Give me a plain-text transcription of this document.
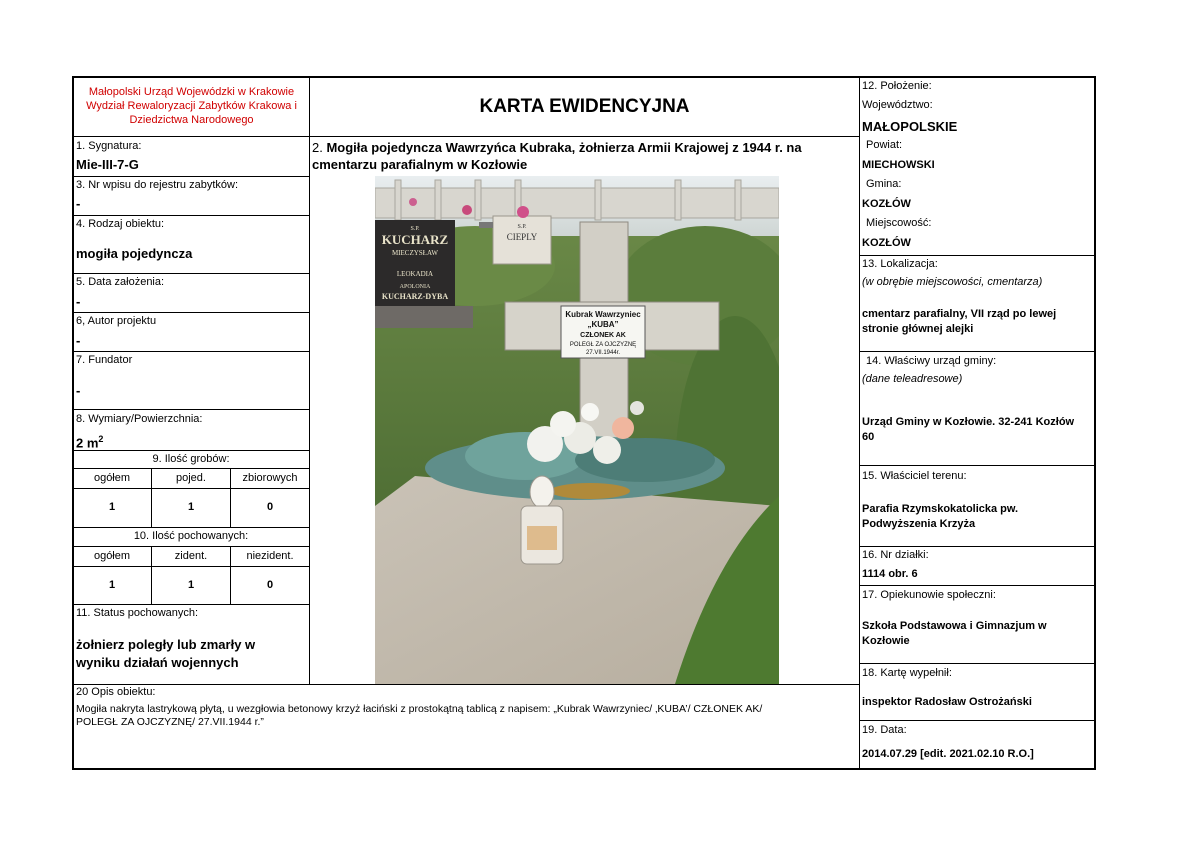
Małopolski Urząd Wojewódzki w Krakowie
Wydział Rewaloryzacji Zabytków Krakowa i
Dziedzictwa Narodowego
KARTA EWIDENCYJNA
1. Sygnatura:
Mie-III-7-G
2. Mogiła pojedyncza Wawrzyńca Kubraka, żołnierza Armii Krajowej z 1944 r. na
cmentarzu parafialnym w Kozłowie
3. Nr wpisu do rejestru zabytków:
-
4. Rodzaj obiektu:
mogiła pojedyncza
5. Data założenia:
-
6, Autor projektu
-
7. Fundator
-
8. Wymiary/Powierzchnia:
2 $m^2$
9. Ilość grobów:
ogółem	pojed.	zbiorowych
1	1	0
10. Ilość pochowanych:
ogółem	zident.	niezident.
1	1	0
11. Status pochowanych:
żołnierz poległy lub zmarły w
wyniku działań wojennych
20 Opis obiektu:
Mogiła nakryta lastrykową płytą, u wezgłowia betonowy krzyż łaciński z prostokątną tablicą z napisem: „Kubrak Wawrzyniec/ ‚KUBA’/ CZŁONEK AK/
POLEGŁ ZA OJCZYZNĘ/ 27.VII.1944 r.”
12. Położenie:
Województwo:
MAŁOPOLSKIE
Powiat:
MIECHOWSKI
Gmina:
KOZŁÓW
Miejscowość:
KOZŁÓW
13. Lokalizacja:
(w obrębie miejscowości, cmentarza)
cmentarz parafialny, VII rząd po lewej
stronie głównej alejki
14. Właściwy urząd gminy:
(dane teleadresowe)
Urząd Gminy w Kozłowie. 32-241 Kozłów
60
15. Właściciel terenu:
Parafia Rzymskokatolicka pw.
Podwyższenia Krzyża
16. Nr działki:
1114 obr. 6
17. Opiekunowie społeczni:
Szkoła Podstawowa i Gimnazjum w
Kozłowie
18. Kartę wypełnił:
inspektor Radosław Ostrożański
19. Data:
2014.07.29 [edit. 2021.02.10 R.O.]
S.P.
KUCHARZ
MIECZYSŁAW
LEOKADIA
APOLONIA
KUCHARZ-DYBA
S.P.
CIEPLY
Kubrak Wawrzyniec
„KUBA”
CZŁONEK AK
POLEGŁ ZA OJCZYZNĘ
27.VII.1944r.
